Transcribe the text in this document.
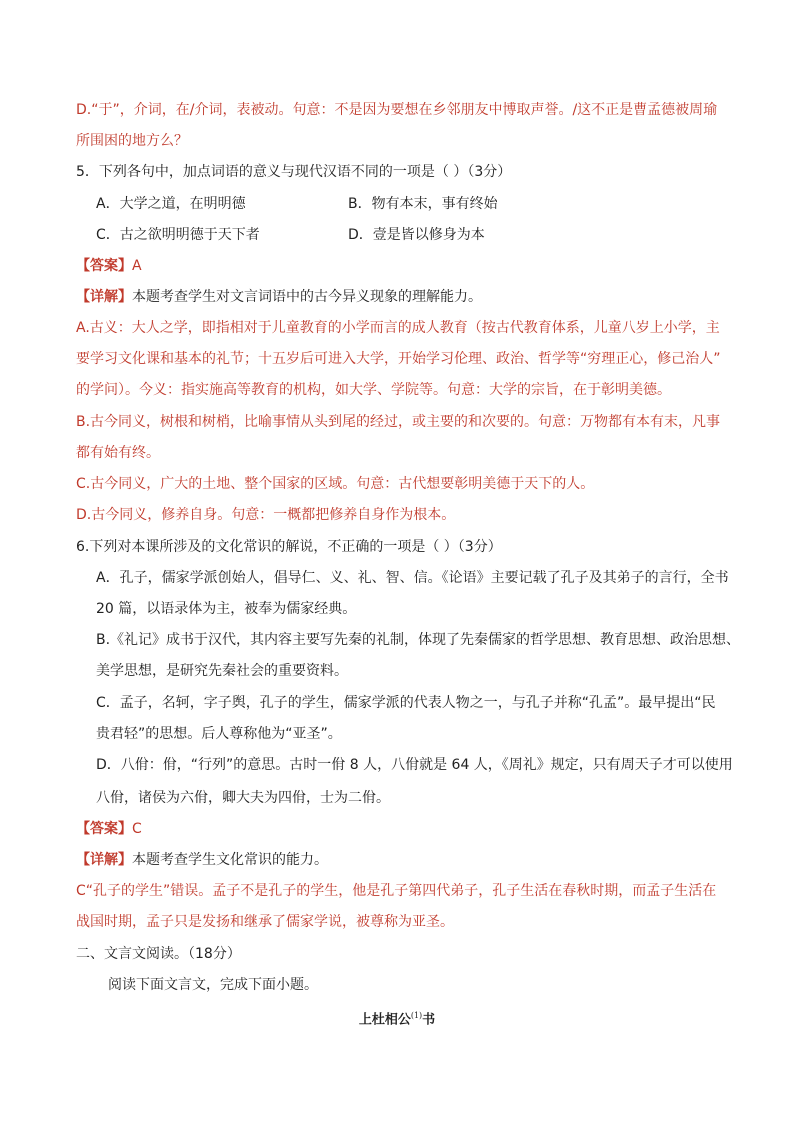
D.“于”，介词，在/介词，表被动。句意：不是因为要想在乡邻朋友中博取声誉。/这不正是曹孟德被周瑜
所围困的地方么？
5．下列各句中，加点词语的意义与现代汉语不同的一项是（ ）（3分）
A．大学之道，在明明德	B．物有本末，事有终始
C．古之欲明明德于天下者	D．壹是皆以修身为本
【答案】A
【详解】本题考查学生对文言词语中的古今异义现象的理解能力。
A.古义：大人之学，即指相对于儿童教育的小学而言的成人教育（按古代教育体系，儿童八岁上小学，主
要学习文化课和基本的礼节；十五岁后可进入大学，开始学习伦理、政治、哲学等“穷理正心，修己治人”
的学问）。今义：指实施高等教育的机构，如大学、学院等。句意：大学的宗旨，在于彰明美德。
B.古今同义，树根和树梢，比喻事情从头到尾的经过，或主要的和次要的。句意：万物都有本有末，凡事
都有始有终。
C.古今同义，广大的土地、整个国家的区域。句意：古代想要彰明美德于天下的人。
D.古今同义，修养自身。句意：一概都把修养自身作为根本。
6.下列对本课所涉及的文化常识的解说，不正确的一项是（ ）（3分）
A．孔子，儒家学派创始人，倡导仁、义、礼、智、信。《论语》主要记载了孔子及其弟子的言行，全书
20 篇，以语录体为主，被奉为儒家经典。
B.《礼记》成书于汉代，其内容主要写先秦的礼制，体现了先秦儒家的哲学思想、教育思想、政治思想、
美学思想，是研究先秦社会的重要资料。
C．孟子，名轲，字子舆，孔子的学生，儒家学派的代表人物之一，与孔子并称“孔孟”。最早提出“民
贵君轻”的思想。后人尊称他为“亚圣”。
D．八佾：佾，“行列”的意思。古时一佾 8 人，八佾就是 64 人，《周礼》规定，只有周天子才可以使用
八佾，诸侯为六佾，卿大夫为四佾，士为二佾。
【答案】C
【详解】本题考查学生文化常识的能力。
C“孔子的学生”错误。孟子不是孔子的学生，他是孔子第四代弟子，孔子生活在春秋时期，而孟子生活在
战国时期，孟子只是发扬和继承了儒家学说，被尊称为亚圣。
二、文言文阅读。（18分）
阅读下面文言文，完成下面小题。
上杜相公$^{(1)}$书
